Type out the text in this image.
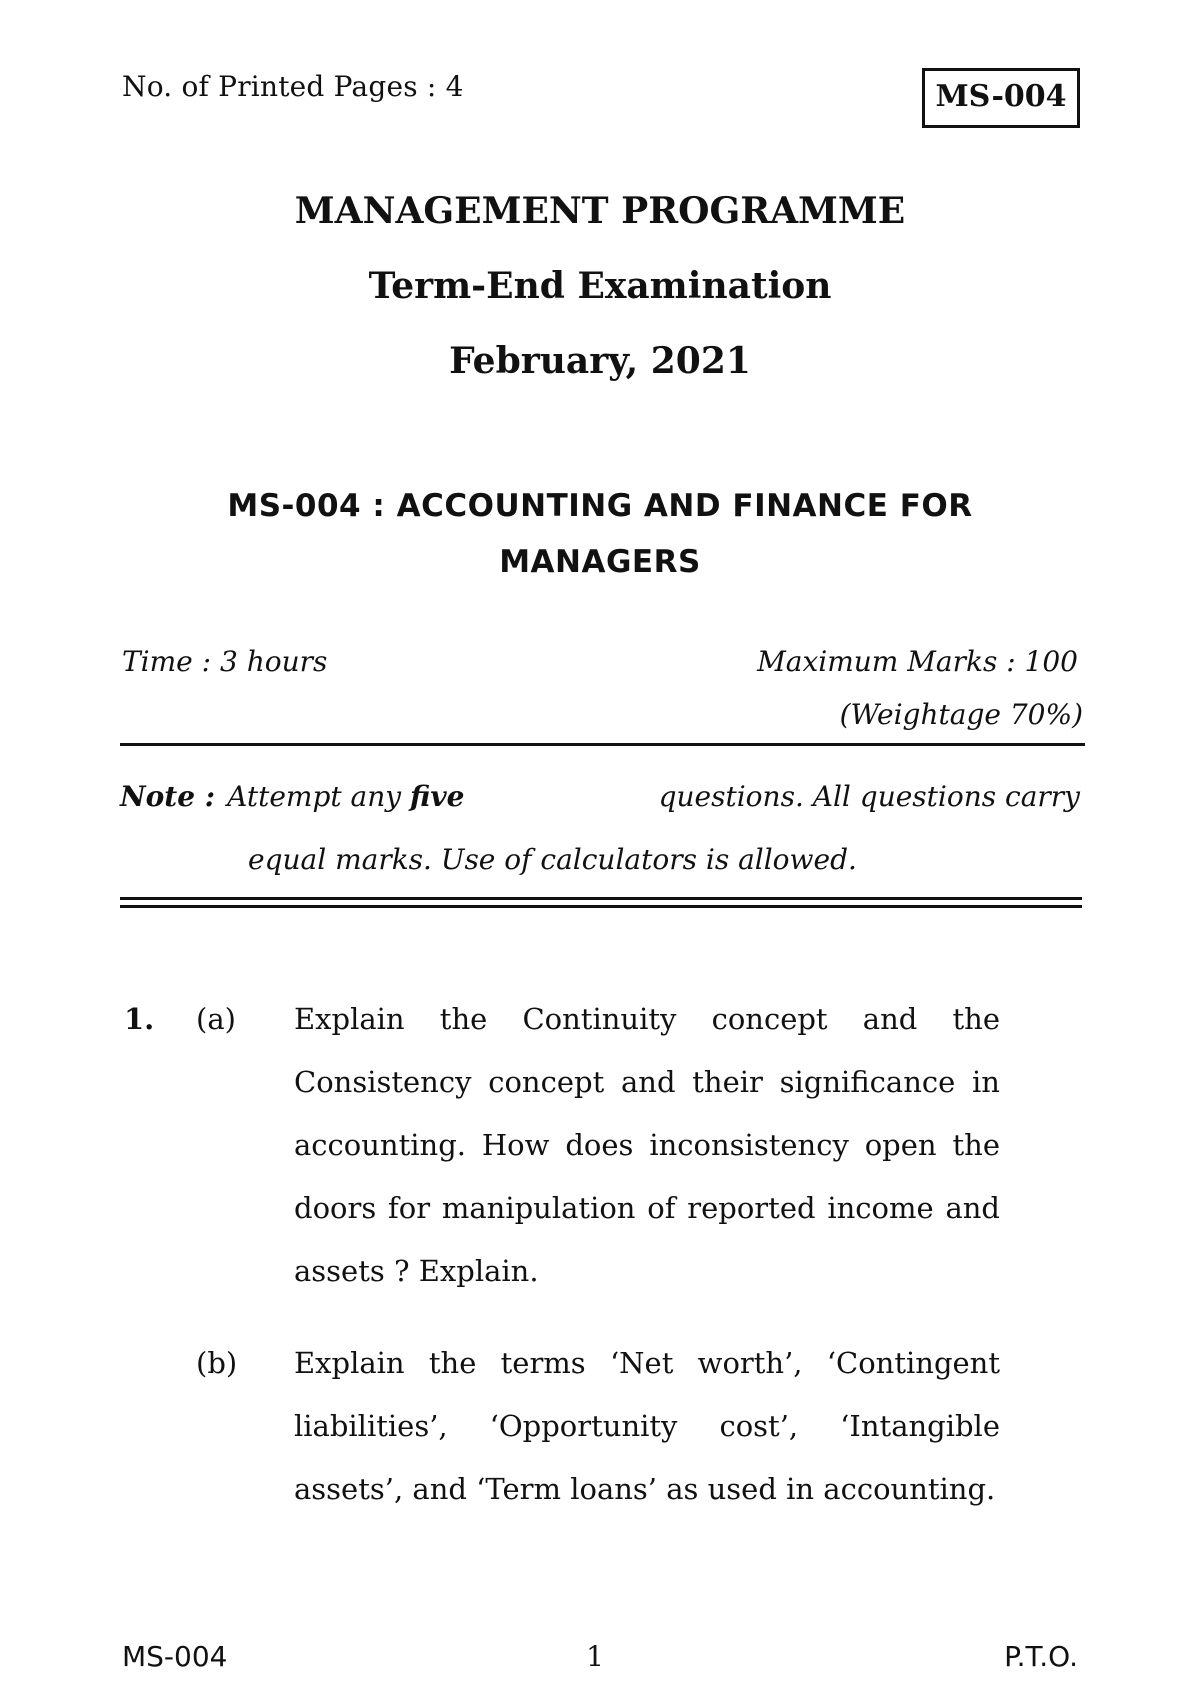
No. of Printed Pages : 4	MS-004
MANAGEMENT PROGRAMME
Term-End Examination
February, 2021
MS-004 : ACCOUNTING AND FINANCE FOR MANAGERS
Time : 3 hours	Maximum Marks : 100
(Weightage 70%)
Note : Attempt any five	questions. All questions carry
equal marks. Use of calculators is allowed.
1. (a) Explain the Continuity concept and the Consistency concept and their significance in accounting. How does inconsistency open the doors for manipulation of reported income and assets ? Explain.
(b) Explain the terms ‘Net worth’, ‘Contingent liabilities’, ‘Opportunity cost’, ‘Intangible assets’, and ‘Term loans’ as used in accounting.
MS-004	1	P.T.O.
